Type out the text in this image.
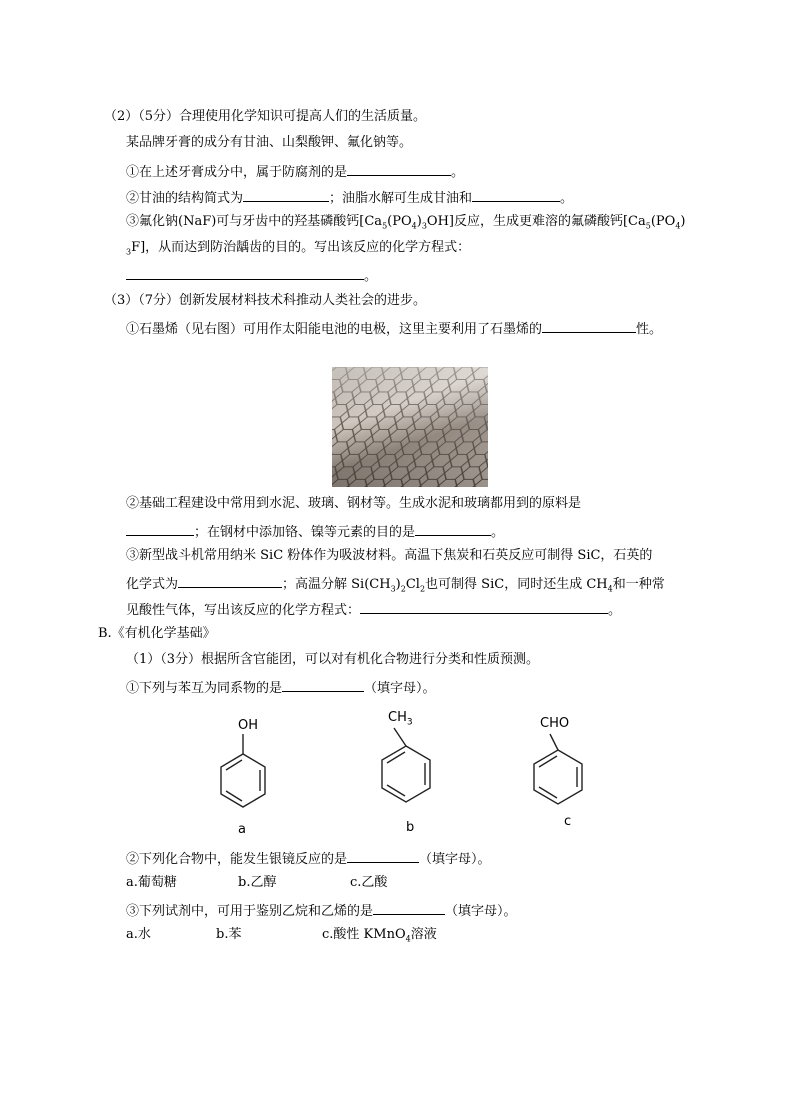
（2）（5分）合理使用化学知识可提高人们的生活质量。
某品牌牙膏的成分有甘油、山梨酸钾、氟化钠等。
①在上述牙膏成分中，属于防腐剂的是	。
②甘油的结构简式为	；油脂水解可生成甘油和	。
③氟化钠(NaF)可与牙齿中的羟基磷酸钙$[Ca_5(PO_4)_3OH]$反应，生成更难溶的氟磷酸钙[$Ca_5(PO_4)$
$_3$F]，从而达到防治龋齿的目的。写出该反应的化学方程式：
。
（3）（7分）创新发展材料技术科推动人类社会的进步。
①石墨烯（见右图）可用作太阳能电池的电极，这里主要利用了石墨烯的	性。
②基础工程建设中常用到水泥、玻璃、钢材等。生成水泥和玻璃都用到的原料是
；在钢材中添加铬、镍等元素的目的是	。
③新型战斗机常用纳米 SiC 粉体作为吸波材料。高温下焦炭和石英反应可制得 SiC，石英的
化学式为	；高温分解 $Si(CH_3)_2Cl_2$也可制得 SiC，同时还生成 $CH_4$和一种常
见酸性气体，写出该反应的化学方程式：	。
B.《有机化学基础》
（1）（3分）根据所含官能团，可以对有机化合物进行分类和性质预测。
①下列与苯互为同系物的是	（填字母）。
OH
a
$CH_3$
b
CHO
c
②下列化合物中，能发生银镜反应的是	（填字母）。
a.葡萄糖	b.乙醇	c.乙酸
③下列试剂中，可用于鉴别乙烷和乙烯的是	（填字母）。
a.水	b.苯	c.酸性 KMnO$_4$溶液
